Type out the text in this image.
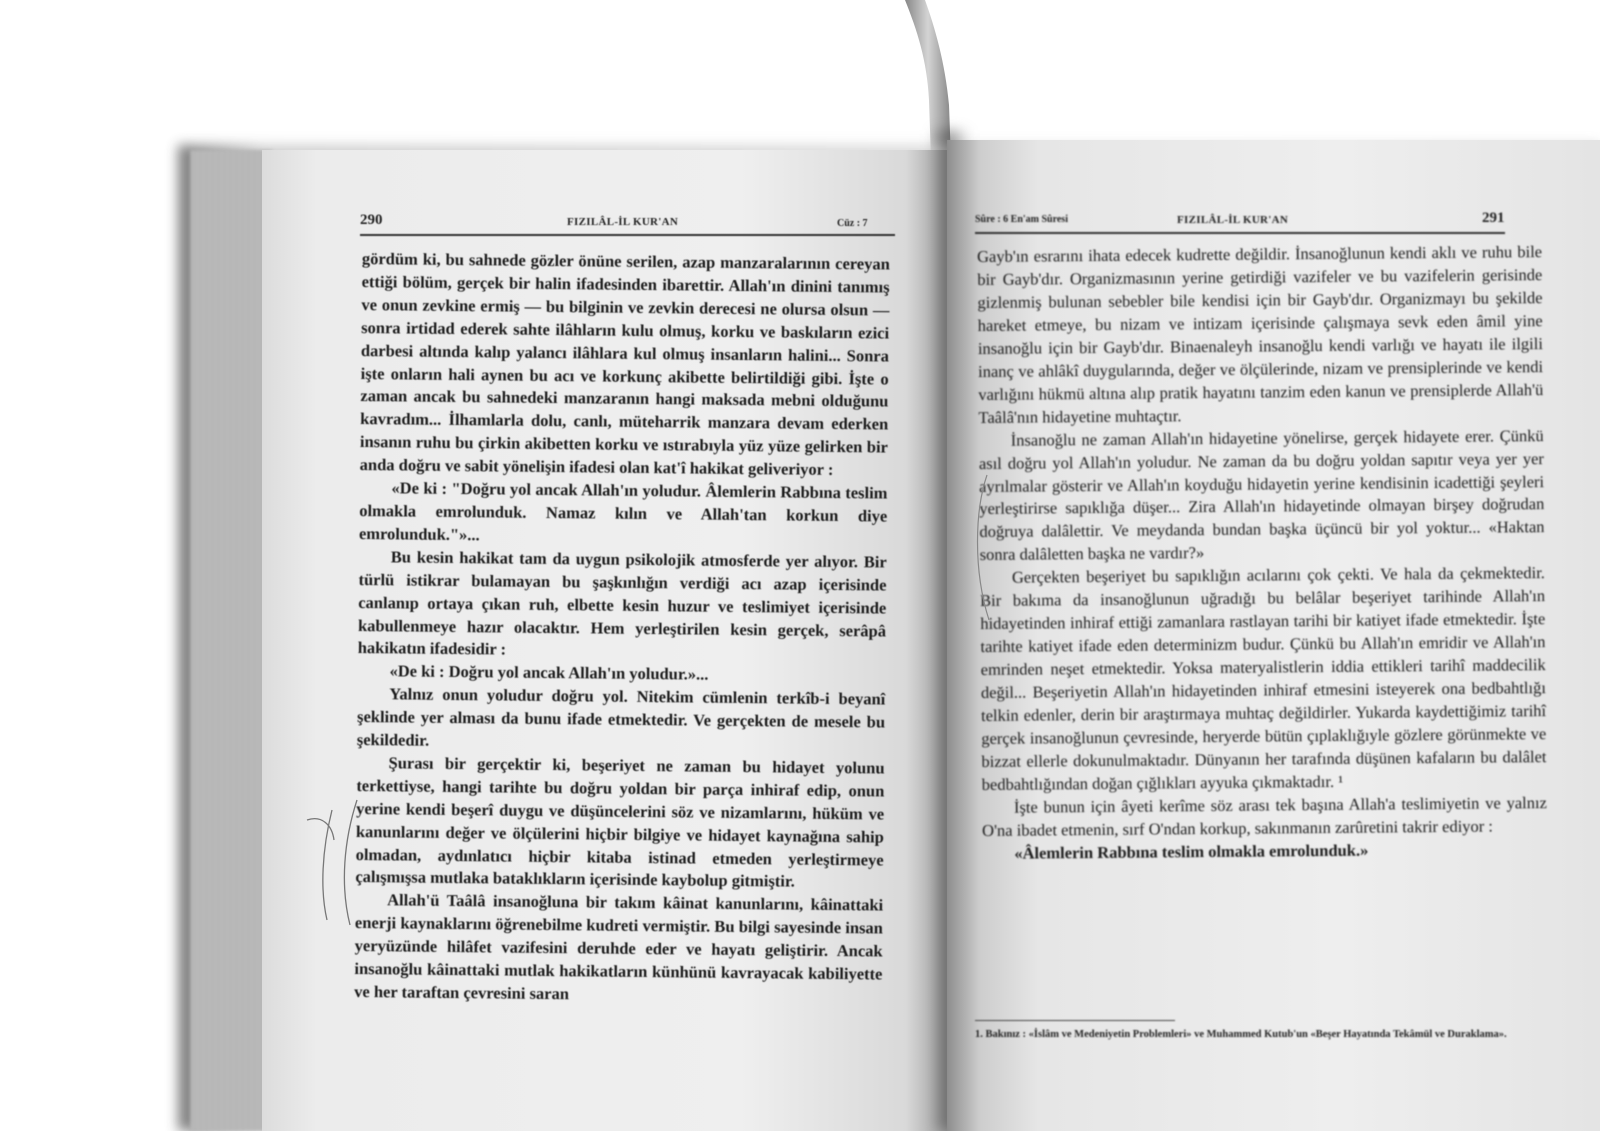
290	FIZILÂL-İL KUR'AN	Cüz : 7

gördüm ki, bu sahnede gözler önüne serilen, azap manzaralarının cereyan ettiği bölüm, gerçek bir halin ifadesinden ibarettir. Allah'ın dinini tanımış ve onun zevkine ermiş — bu bilginin ve zevkin derecesi ne olursa olsun — sonra irtidad ederek sahte ilâhların kulu olmuş, korku ve baskıların ezici darbesi altında kalıp yalancı ilâhlara kul olmuş insanların halini... Sonra işte onların hali aynen bu acı ve korkunç akibette belirtildiği gibi. İşte o zaman ancak bu sahnedeki manzaranın hangi maksada mebni olduğunu kavradım... İlhamlarla dolu, canlı, müteharrik manzara devam ederken insanın ruhu bu çirkin akibetten korku ve ıstırabıyla yüz yüze gelirken bir anda doğru ve sabit yönelişin ifadesi olan kat'î hakikat geliveriyor :

«De ki : "Doğru yol ancak Allah'ın yoludur. Âlemlerin Rabbına teslim olmakla emrolunduk. Namaz kılın ve Allah'tan korkun diye emrolunduk."»...

Bu kesin hakikat tam da uygun psikolojik atmosferde yer alıyor. Bir türlü istikrar bulamayan bu şaşkınlığın verdiği acı azap içerisinde canlanıp ortaya çıkan ruh, elbette kesin huzur ve teslimiyet içerisinde kabullenmeye hazır olacaktır. Hem yerleştirilen kesin gerçek, serâpâ hakikatın ifadesidir :

«De ki : Doğru yol ancak Allah'ın yoludur.»...

Yalnız onun yoludur doğru yol. Nitekim cümlenin terkîb-i beyanî şeklinde yer alması da bunu ifade etmektedir. Ve gerçekten de mesele bu şekildedir.

Şurası bir gerçektir ki, beşeriyet ne zaman bu hidayet yolunu terkettiyse, hangi tarihte bu doğru yoldan bir parça inhiraf edip, onun yerine kendi beşerî duygu ve düşüncelerini söz ve nizamlarını, hüküm ve kanunlarını değer ve ölçülerini hiçbir bilgiye ve hidayet kaynağına sahip olmadan, aydınlatıcı hiçbir kitaba istinad etmeden yerleştirmeye çalışmışsa mutlaka bataklıkların içerisinde kaybolup gitmiştir.

Allah'ü Taâlâ insanoğluna bir takım kâinat kanunlarını, kâinattaki enerji kaynaklarını öğrenebilme kudreti vermiştir. Bu bilgi sayesinde insan yeryüzünde hilâfet vazifesini deruhde eder ve hayatı geliştirir. Ancak insanoğlu kâinattaki mutlak hakikatların künhünü kavrayacak kabiliyette ve her taraftan çevresini saran

Sûre : 6 En'am Sûresi	FIZILÂL-İL KUR'AN	291

Gayb'ın esrarını ihata edecek kudrette değildir. İnsanoğlunun kendi aklı ve ruhu bile bir Gayb'dır. Organizmasının yerine getirdiği vazifeler ve bu vazifelerin gerisinde gizlenmiş bulunan sebebler bile kendisi için bir Gayb'dır. Organizmayı bu şekilde hareket etmeye, bu nizam ve intizam içerisinde çalışmaya sevk eden âmil yine insanoğlu için bir Gayb'dır. Binaenaleyh insanoğlu kendi varlığı ve hayatı ile ilgili inanç ve ahlâkî duygularında, değer ve ölçülerinde, nizam ve prensiplerinde ve kendi varlığını hükmü altına alıp pratik hayatını tanzim eden kanun ve prensiplerde Allah'ü Taâlâ'nın hidayetine muhtaçtır.

İnsanoğlu ne zaman Allah'ın hidayetine yönelirse, gerçek hidayete erer. Çünkü asıl doğru yol Allah'ın yoludur. Ne zaman da bu doğru yoldan sapıtır veya yer yer ayrılmalar gösterir ve Allah'ın koyduğu hidayetin yerine kendisinin icadettiği şeyleri yerleştirirse sapıklığa düşer... Zira Allah'ın hidayetinde olmayan birşey doğrudan doğruya dalâlettir. Ve meydanda bundan başka üçüncü bir yol yoktur... «Haktan sonra dalâletten başka ne vardır?»

Gerçekten beşeriyet bu sapıklığın acılarını çok çekti. Ve hala da çekmektedir. Bir bakıma da insanoğlunun uğradığı bu belâlar beşeriyet tarihinde Allah'ın hidayetinden inhiraf ettiği zamanlara rastlayan tarihi bir katiyet ifade etmektedir. İşte tarihte katiyet ifade eden determinizm budur. Çünkü bu Allah'ın emridir ve Allah'ın emrinden neşet etmektedir. Yoksa materyalistlerin iddia ettikleri tarihî maddecilik değil... Beşeriyetin Allah'ın hidayetinden inhiraf etmesini isteyerek ona bedbahtlığı telkin edenler, derin bir araştırmaya muhtaç değildirler. Yukarda kaydettiğimiz tarihî gerçek insanoğlunun çevresinde, heryerde bütün çıplaklığıyle gözlere görünmekte ve bizzat ellerle dokunulmaktadır. Dünyanın her tarafında düşünen kafaların bu dalâlet bedbahtlığından doğan çığlıkları ayyuka çıkmaktadır. ¹

İşte bunun için âyeti kerîme söz arası tek başına Allah'a teslimiyetin ve yalnız O'na ibadet etmenin, sırf O'ndan korkup, sakınmanın zarûretini takrir ediyor :

«Âlemlerin Rabbına teslim olmakla emrolunduk.»

1. Bakınız : «İslâm ve Medeniyetin Problemleri» ve Muhammed Kutub'un «Beşer Hayatında Tekâmül ve Duraklama».
